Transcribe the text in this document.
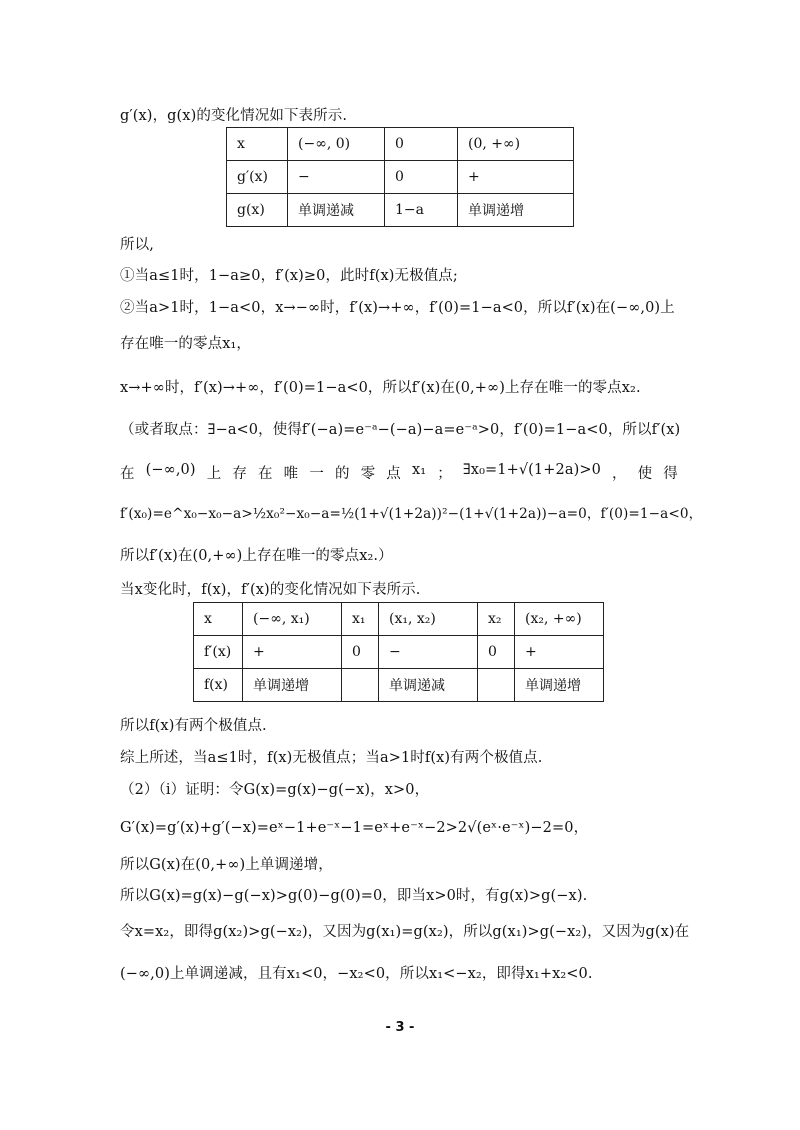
g′(x)，g(x)的变化情况如下表所示.
x	(−∞, 0)	0	(0, +∞)
g′(x)	−	0	+
g(x)	单调递减	1−a	单调递增
所以,
①当a≤1时，1−a≥0，f′(x)≥0，此时f(x)无极值点;
②当a>1时，1−a<0，x→−∞时，f′(x)→+∞，f′(0)=1−a<0，所以f′(x)在(−∞,0)上
存在唯一的零点x₁，
x→+∞时，f′(x)→+∞，f′(0)=1−a<0，所以f′(x)在(0,+∞)上存在唯一的零点x₂.
（或者取点：∃−a<0，使得f′(−a)=e⁻ᵃ−(−a)−a=e⁻ᵃ>0，f′(0)=1−a<0，所以f′(x)
在 (−∞,0) 上 存 在 唯 一 的 零 点 x₁ ； ∃x₀=1+√(1+2a)>0 ， 使 得
f′(x₀)=e^x₀−x₀−a>½x₀²−x₀−a=½(1+√(1+2a))²−(1+√(1+2a))−a=0，f′(0)=1−a<0，
所以f′(x)在(0,+∞)上存在唯一的零点x₂.）
当x变化时，f(x)，f′(x)的变化情况如下表所示.
x	(−∞, x₁)	x₁	(x₁, x₂)	x₂	(x₂, +∞)
f′(x)	+	0	−	0	+
f(x)	单调递增		单调递减		单调递增
所以f(x)有两个极值点.
综上所述，当a≤1时，f(x)无极值点；当a>1时f(x)有两个极值点.
（2）（i）证明：令G(x)=g(x)−g(−x)，x>0，
G′(x)=g′(x)+g′(−x)=eˣ−1+e⁻ˣ−1=eˣ+e⁻ˣ−2>2√(eˣ·e⁻ˣ)−2=0，
所以G(x)在(0,+∞)上单调递增，
所以G(x)=g(x)−g(−x)>g(0)−g(0)=0，即当x>0时，有g(x)>g(−x).
令x=x₂，即得g(x₂)>g(−x₂)，又因为g(x₁)=g(x₂)，所以g(x₁)>g(−x₂)，又因为g(x)在
(−∞,0)上单调递减，且有x₁<0，−x₂<0，所以x₁<−x₂，即得x₁+x₂<0.
- 3 -
